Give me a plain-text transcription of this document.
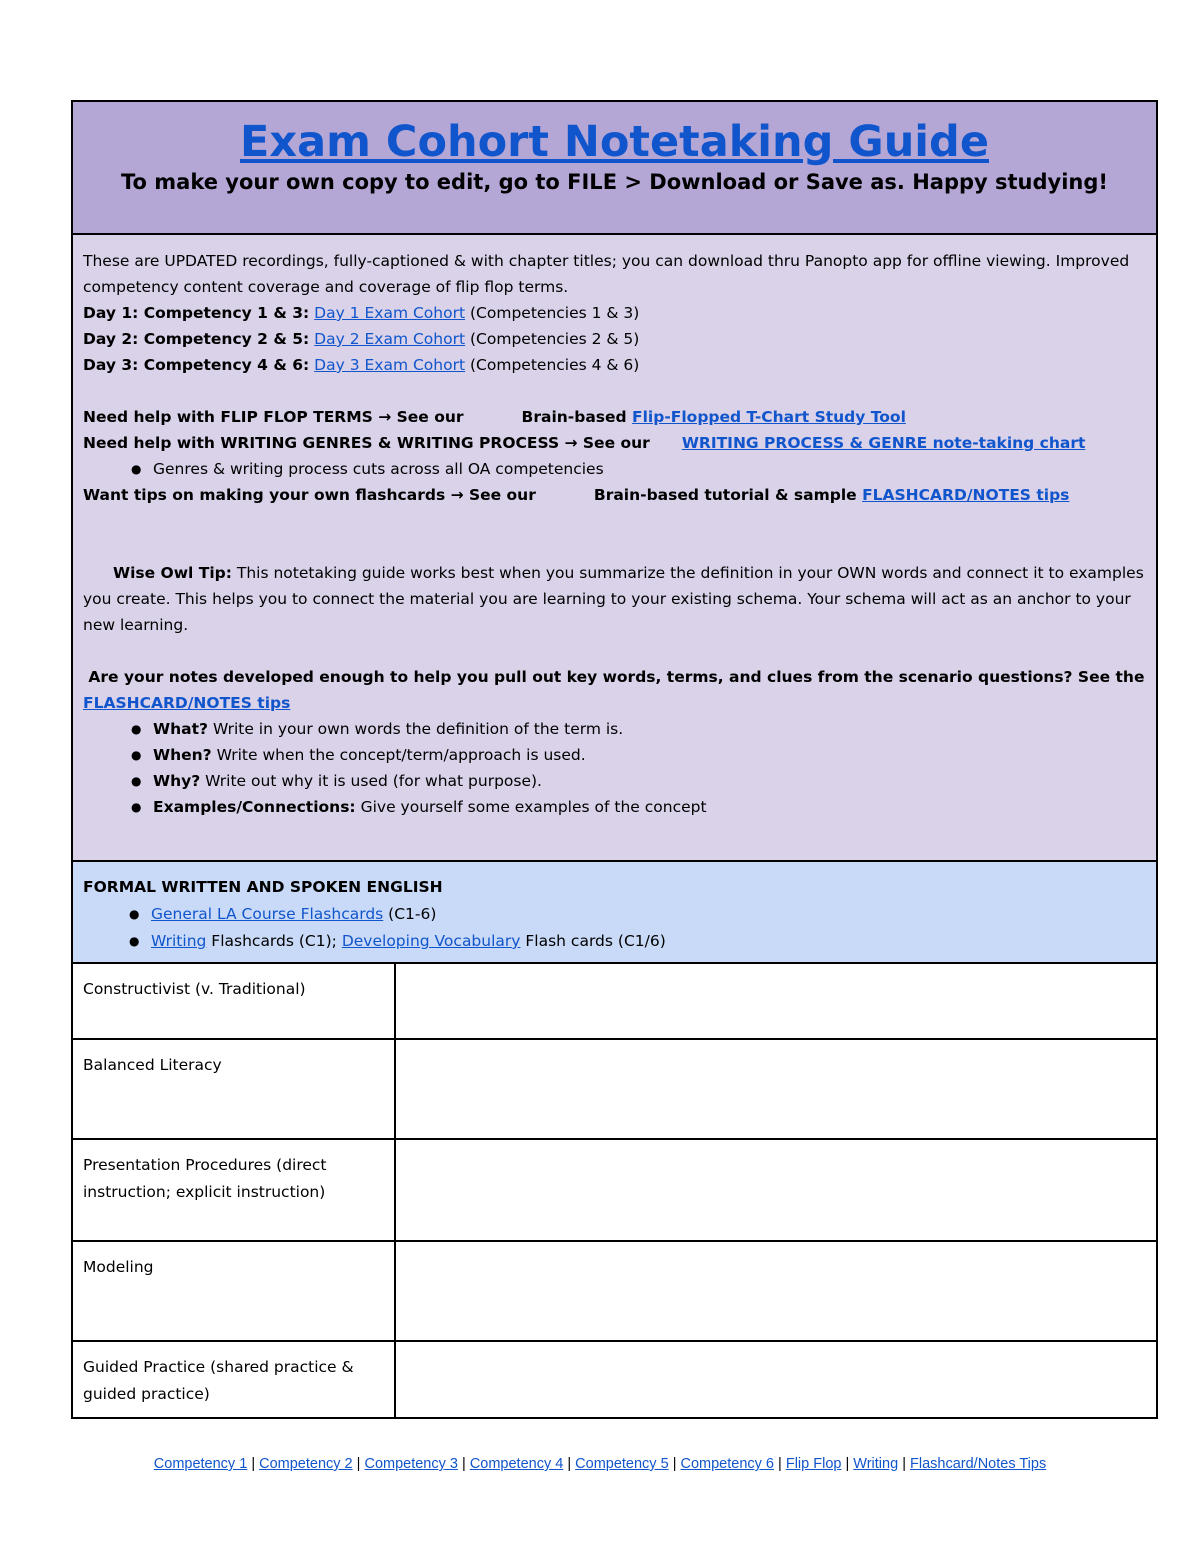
Exam Cohort Notetaking Guide
To make your own copy to edit, go to FILE > Download or Save as. Happy studying!

These are UPDATED recordings, fully-captioned & with chapter titles; you can download thru Panopto app for offline viewing. Improved competency content coverage and coverage of flip flop terms.

Day 1: Competency 1 & 3: Day 1 Exam Cohort (Competencies 1 & 3)

Day 2: Competency 2 & 5: Day 2 Exam Cohort (Competencies 2 & 5)

Day 3: Competency 4 & 6: Day 3 Exam Cohort (Competencies 4 & 6)

Need help with FLIP FLOP TERMS → See our	Brain-based Flip-Flopped T-Chart Study Tool

Need help with WRITING GENRES & WRITING PROCESS → See our WRITING PROCESS & GENRE note-taking chart

● Genres & writing process cuts across all OA competencies

Want tips on making your own flashcards → See our	Brain-based tutorial & sample FLASHCARD/NOTES tips

Wise Owl Tip: This notetaking guide works best when you summarize the definition in your OWN words and connect it to examples you create. This helps you to connect the material you are learning to your existing schema. Your schema will act as an anchor to your new learning.

Are your notes developed enough to help you pull out key words, terms, and clues from the scenario questions? See the FLASHCARD/NOTES tips

● What? Write in your own words the definition of the term is.
● When? Write when the concept/term/approach is used.
● Why? Write out why it is used (for what purpose).
● Examples/Connections: Give yourself some examples of the concept

FORMAL WRITTEN AND SPOKEN ENGLISH

● General LA Course Flashcards (C1-6)
● Writing Flashcards (C1); Developing Vocabulary Flash cards (C1/6)
Constructivist (v. Traditional)	
Balanced Literacy	
Presentation Procedures (direct instruction; explicit instruction)	
Modeling	
Guided Practice (shared practice & guided practice)	
Competency 1 | Competency 2 | Competency 3 | Competency 4 | Competency 5 | Competency 6 | Flip Flop | Writing | Flashcard/Notes Tips
